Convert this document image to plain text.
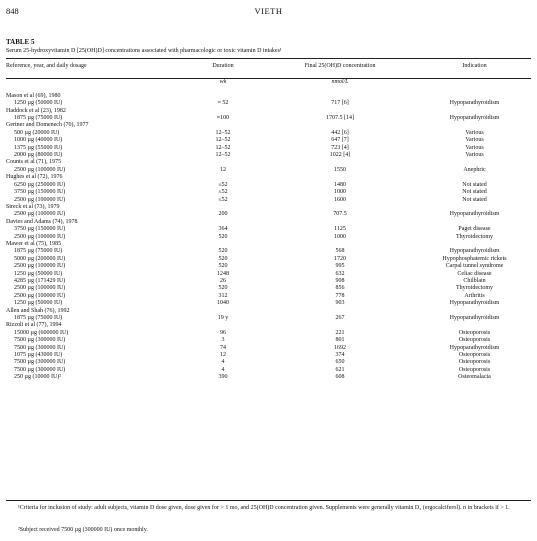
848	VIETH
TABLE 5
Serum 25-hydroxyvitamin D [25(OH)D] concentrations associated with pharmacologic or toxic vitamin D intakes¹
Reference, year, and daily dosage	Duration	Final 25(OH)D concentration	Indication
	wk	nmol/L	
Mason et al (69), 1980			
1250 µg (50000 IU)	≈ 52	717 [6]	Hypoparathyroidism
Haddock et al (23), 1982			
1875 µg (75000 IU)	≈100	1707.5 [14]	Hypoparathyroidism
Gertner and Domenech (70), 1977			
500 µg (20000 IU)	12–52	442 [6]	Various
1000 µg (40000 IU)	12–52	647 [7]	Various
1375 µg (55000 IU)	12–52	723 [4]	Various
2000 µg (80000 IU)	12–52	1022 [4]	Various
Counts et al (71), 1975			
2500 µg (100000 IU)	12	1550	Anephric
Hughes et al (72), 1976			
6250 µg (250000 IU)	≤52	1480	Not stated
3750 µg (150000 IU)	≤52	1000	Not stated
2500 µg (100000 IU)	≤52	1600	Not stated
Streck et al (73), 1979			
2500 µg (100000 IU)	200	707.5	Hypoparathyroidism
Davies and Adams (74), 1978			
3750 µg (150000 IU)	364	1125	Paget disease
2500 µg (100000 IU)	520	1000	Thyroidectomy
Mawer et al (75), 1985			
1875 µg (75000 IU)	520	568	Hypoparathyroidism
5000 µg (200000 IU)	520	1720	Hypophosphatemic rickets
2500 µg (100000 IU)	520	995	Carpal tunnel syndrome
1250 µg (50000 IU)	1248	632	Celiac disease
4285 µg (171429 IU)	26	908	Chilblain
2500 µg (100000 IU)	520	856	Thyroidectomy
2500 µg (100000 IU)	312	778	Arthritis
1250 µg (50000 IU)	1040	903	Hypoparathyroidism
Allen and Shah (76), 1992			
1875 µg (75000 IU)	19 y	267	Hypoparathyroidism
Rizzoli et al (77), 1994			
15000 µg (600000 IU)	96	221	Osteoporosis
7500 µg (300000 IU)	3	801	Osteoporosis
7500 µg (300000 IU)	74	1692	Hypoparathyroidism
1075 µg (43000 IU)	12	374	Osteoporosis
7500 µg (300000 IU)	4	650	Osteoporosis
7500 µg (300000 IU)	4	621	Osteoporosis
250 µg (10000 IU)²	390	608	Osteomalacia
¹Criteria for inclusion of study: adult subjects, vitamin D dose given, dose given for > 1 mo, and 25(OH)D concentration given. Supplements were generally vitamin D₂ (ergocalciferol). n in brackets if > 1.
²Subject received 7500 µg (300000 IU) once monthly.
